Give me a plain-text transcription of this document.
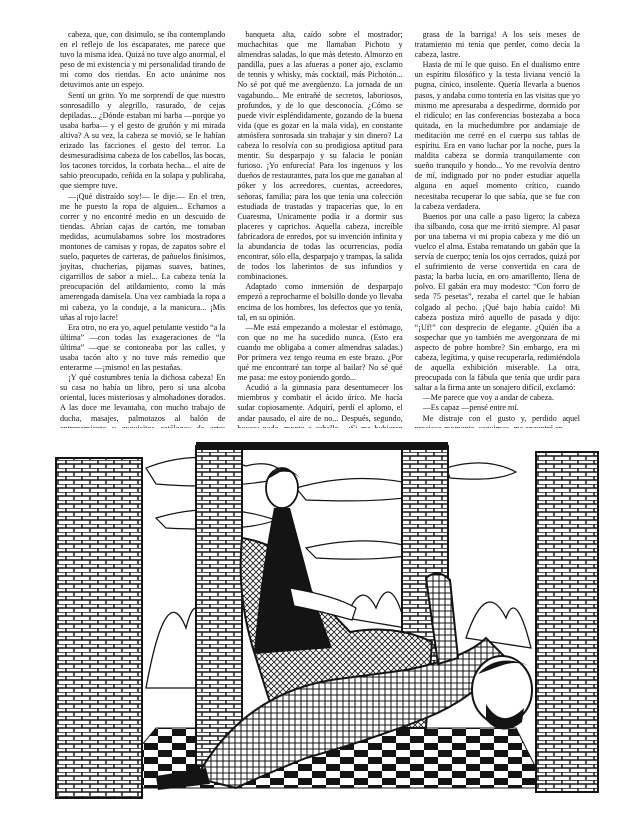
cabeza, que, con disimulo, se iba contemplando en el reflejo de los escaparates, me parece que tuvo la misma idea. Quizá no tuve algo anormal, el peso de mi existencia y mi personalidad tirando de mí como dos riendas. En acto unánime nos detuvimos ante un espejo.

Sentí un grito. Yo me sorprendí de que nuestro sonrosadillo y alegrillo, rasurado, de cejas depiladas... ¿Dónde estaban mi barba —porque yo usaba barba— y el gesto de gruñón y mi mirada altiva? A su vez, la cabeza se movió, se le habían erizado las facciones el gesto del terror. La desmesuradísima cabeza de los cabellos, las bocas, los tacones torcidos, la corbata hecha... el aire de sabio preocupado, ceñida en la solapa y publicaba, que siempre tuve.

—¡Qué distraído soy!— le dije.— En el tren, me he puesto la ropa de alguien... Echamos a correr y no encontré medio en un descuido de tiendas. Abrían cajas de cartón, me tomaban medidas, acumulabamos sobre los mostradores montones de camisas y ropas, de zapatos sobre el suelo, paquetes de carteras, de pañuelos finísimos, joyitas, chucherías, pijamas suaves, batines, cigarrillos de sabor a miel... La cabeza tenía la preocupación del atildamiento, como la más amerengada damisela. Una vez cambiada la ropa a mi cabeza, yo la conduje, a la manicura... ¡Mis uñas al rojo lacre!

Era otro, no era yo, aquel petulante vestido “a la última” —con todas las exageraciones de “la última” —que se contoneaba por las calles, y usaba tacón alto y no tuve más remedio que enterarme —¡mismo! en las pestañas.

¡Y qué costumbres tenía la dichosa cabeza! En su casa no había un libro, pero sí una alcoba oriental, luces misteriosas y almohadones dorados. A las doce me levantaba, con mucho trabajo de ducha, masajes, palmotazos al balón de

banqueta alta, caído sobre el mostrador; muchachitas que me llamaban Pichoto y almendras saladas, lo que más detesto. Almorzo en pandilla, pues a las afueras a poner ajo, exclamo de tennis y whisky, más cocktail, más Pichotón... No sé por qué me avergüenzo. La jornada de un vagabundo... Me entrañé de secretos, laboriosos, profundos, y de lo que desconocía. ¿Cómo se puede vivir espléndidamente, gozando de la buena vida (que es gozar en la mala vida), en constante atmósfera sonrosada sin trabajar y sin dinero? La cabeza lo resolvía con su prodigiosa aptitud para mentir. Su desparpajo y su falacia le ponían furioso. ¡Yo enfurecía! Para los ingenuos y los dueños de restaurantes, para los que me ganaban al póker y los acreedores, cuentas, acreedores, señoras, familia; para los que tenía una colección estudiada de trastadas y trapacerías que, lo en Cuaresma, Unicamente podía ir a dormir sus placeres y caprichos. Aquella cabeza, increíble fabricadora de enredos, por su invención infinita y la abundancia de todas las ocurrencias, podía encontrar, sólo ella, desparpajo y trampas, la salida de todos los laberintos de sus infundios y combinaciones.

Adaptado como inmersión de desparpajo empezó a reprocharme el bolsillo donde yo llevaba encima de los hombres, los defectos que yo tenía, tal, en su opinión.

—Me está empezando a molestar el estómago, con que no me ha sucedido nunca. (Esto era cuando me obligaba a comer almendras saladas.) Por primera vez tengo reuma en este brazo. ¿Por qué me encontraré tan torpe al bailar? No sé qué me pasa: me estoy poniendo gordo...

Acudió a la gimnasia para desentumecer los miembros y combatir el ácido úrico. Me hacía sudar copiosamente. Adquirí, perdí el aplomo, el andar pausado, el aire de no... Después, segundo,

grasa de la barriga! A los seis meses de tratamiento mi tenía que perder, como decía la cabeza, lastre.

Hasta de mí le que quiso. En el dualismo entre un espíritu filosófico y la testa liviana venció la pugna, cínico, insolente. Quería llevarla a buenos pasos, y andaba como tontería en las visitas que yo mismo me apresuraba a despedirme, dormido por el ridículo; en las conferencias bostezaba a boca quitada, en la muchedumbre por andamiaje de meditación me cerré en el cuerpo sus tablas de espíritu. Era en vano luchar por la noche, pues la maldita cabeza se dormía tranquilamente con sueño tranquilo y hondo... Yo me revolvía dentro de mí, indignado por no poder estudiar aquella alguna en aquel momento crítico, cuando necesitaba recuperar lo que sabía, que se fue con la cabeza verdadera.

Buenos por una calle a paso ligero; la cabeza iba silbando, cosa que me irritó siempre. Al pasar por una taberna vi mi propia cabeza y me dió un vuelco el alma. Estaba rematando un gabán que la servía de cuerpo; tenía los ojos cerrados, quizá por el sufrimiento de verse convertida en cara de pasta; la barba lucía, en oro amarillento, llena de polvo. El gabán era muy modesto: “Con forro de seda 75 pesetas”, rezaba el cartel que le habían colgado al pecho. ¡Qué bajo había caído! Mi cabeza postiza miró aquello de pasada y dijo: “¡Uf!” con desprecio de elegante. ¿Quién iba a sospechar que yo también me avergonzara de mi aspecto de pobre hombre? Sin embargo, era mi cabeza, legítima, y quise recuperarla, redimiéndola de aquella exhibición miserable. La otra, preocupada con la fábula que tenía que urdir para saltar a la firma ante un sonajero difícil, exclamó:

—Me parece que voy a andar de cabeza.

—Es capaz —pensé entre mí.

Me distraje con el gusto y, perdido aquel
